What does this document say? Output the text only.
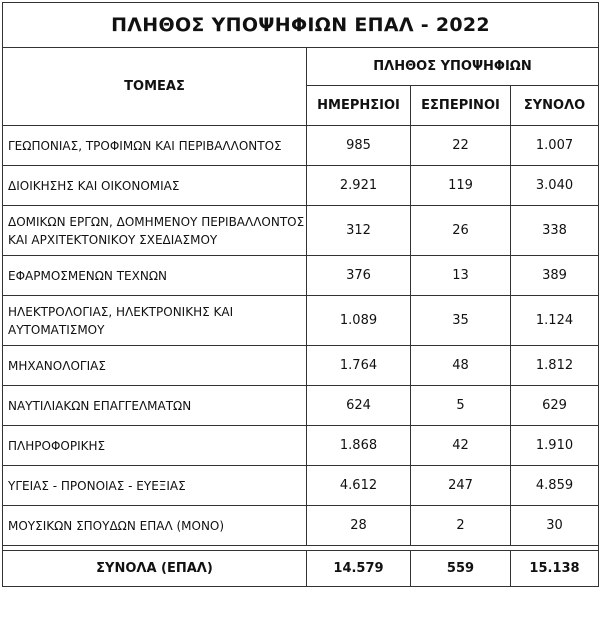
ΠΛΗΘΟΣ ΥΠΟΨΗΦΙΩΝ ΕΠΑΛ - 2022			
ΤΟΜΕΑΣ	ΠΛΗΘΟΣ ΥΠΟΨΗΦΙΩΝ		
	ΗΜΕΡΗΣΙΟΙ	ΕΣΠΕΡΙΝΟΙ	ΣΥΝΟΛΟ

ΓΕΩΠΟΝΙΑΣ, ΤΡΟΦΙΜΩΝ ΚΑΙ ΠΕΡΙΒΑΛΛΟΝΤΟΣ	985	22	1.007

ΔΙΟΙΚΗΣΗΣ ΚΑΙ ΟΙΚΟΝΟΜΙΑΣ	2.921	119	3.040

ΔΟΜΙΚΩΝ ΕΡΓΩΝ, ΔΟΜΗΜΕΝΟΥ ΠΕΡΙΒΑΛΛΟΝΤΟΣ
ΚΑΙ ΑΡΧΙΤΕΚΤΟΝΙΚΟΥ ΣΧΕΔΙΑΣΜΟΥ	312	26	338

ΕΦΑΡΜΟΣΜΕΝΩΝ ΤΕΧΝΩΝ	376	13	389

ΗΛΕΚΤΡΟΛΟΓΙΑΣ, ΗΛΕΚΤΡΟΝΙΚΗΣ ΚΑΙ
ΑΥΤΟΜΑΤΙΣΜΟΥ	1.089	35	1.124

ΜΗΧΑΝΟΛΟΓΙΑΣ	1.764	48	1.812

ΝΑΥΤΙΛΙΑΚΩΝ ΕΠΑΓΓΕΛΜΑΤΩΝ	624	5	629

ΠΛΗΡΟΦΟΡΙΚΗΣ	1.868	42	1.910

ΥΓΕΙΑΣ - ΠΡΟΝΟΙΑΣ - ΕΥΕΞΙΑΣ	4.612	247	4.859

ΜΟΥΣΙΚΩΝ ΣΠΟΥΔΩΝ ΕΠΑΛ (ΜΟΝΟ)	28	2	30

ΣΥΝΟΛΑ (ΕΠΑΛ)	14.579	559	15.138
